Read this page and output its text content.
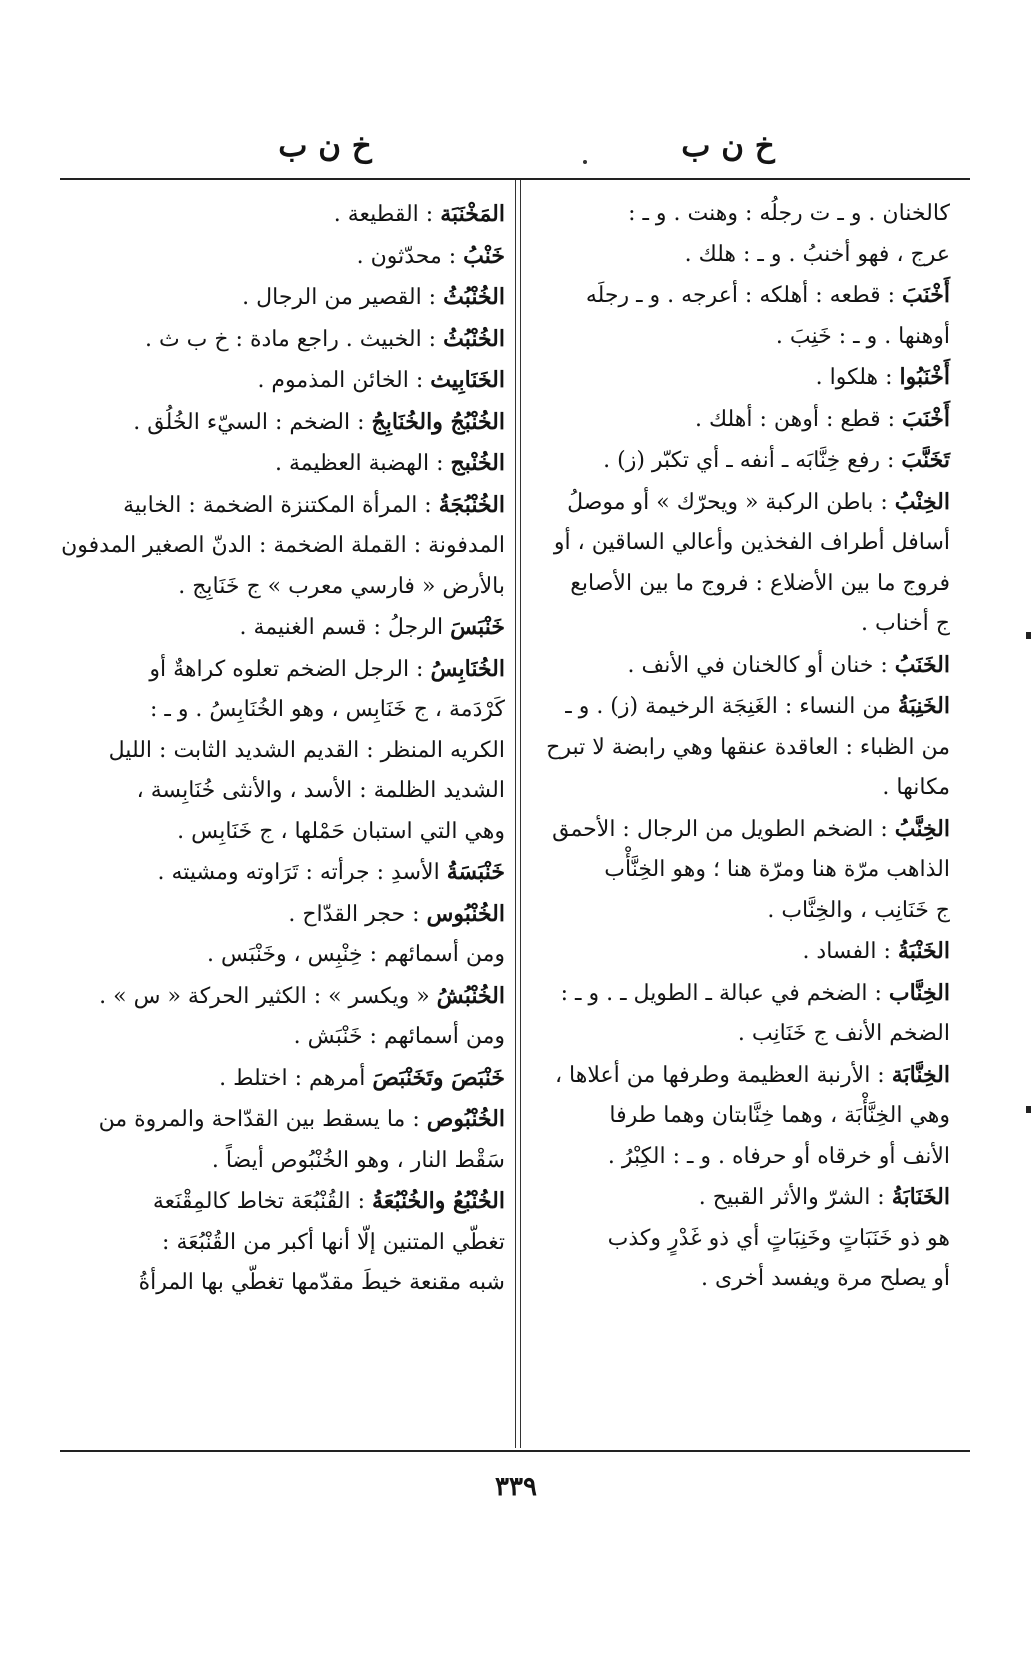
خ ن ب
خ ن ب
كالخنان . و ـ ت رجلُه : وهنت . و ـ :
عرج ، فهو أخنبُ . و ـ : هلك .
أَخْنَبَ : قطعه : أهلكه : أعرجه . و ـ رجلَه
أوهنها . و ـ : خَنِبَ .
أَخْنَبُوا : هلكوا .
أَخْنَبَ : قطع : أوهن : أهلك .
تَخَنَّبَ : رفع خِنَّابَه ـ أنفه ـ أي تكبّر (ز) .
الخِنْبُ : باطن الركبة « ويحرّك » أو موصلُ
أسافل أطراف الفخذين وأعالي الساقين ، أو
فروج ما بين الأضلاع : فروج ما بين الأصابع
ج أخناب .
الخَنَبُ : خنان أو كالخنان في الأنف .
الخَنِبَةُ من النساء : الغَنِجَة الرخيمة (ز) . و ـ
من الظباء : العاقدة عنقها وهي رابضة لا تبرح
مكانها .
الخِنَّبُ : الضخم الطويل من الرجال : الأحمق
الذاهب مرّة هنا ومرّة هنا ؛ وهو الخِنَّأْب
ج خَنَانِب ، والخِنَّاب .
الخَنْبَةُ : الفساد .
الخِنَّاب : الضخم في عبالة ـ الطويل ـ . و ـ :
الضخم الأنف ج خَنَانِب .
الخِنَّابَة : الأرنبة العظيمة وطرفها من أعلاها ،
وهي الخِنَّأْبَة ، وهما خِنَّابتان وهما طرفا
الأنف أو خرقاه أو حرفاه . و ـ : الكِبْرُ .
الخَنَابَةُ : الشرّ والأثر القبيح .
هو ذو خَنَبَاتٍ وخَنِبَاتٍ أي ذو غَدْرٍ وكذب
أو يصلح مرة ويفسد أخرى .
المَخْنَبَة : القطيعة .
خَنْبُ : محدّثون .
الخُنْبُثُ : القصير من الرجال .
الخُنْبُثُ : الخبيث . راجع مادة : خ ب ث .
الخَنَابِيث : الخائن المذموم .
الخُنْبُجُ والخُنَابِجُ : الضخم : السيّء الخُلُق .
الخُنْبج : الهضبة العظيمة .
الخُنْبُجَةُ : المرأة المكتنزة الضخمة : الخابية
المدفونة : القملة الضخمة : الدنّ الصغير المدفون
بالأرض « فارسي معرب » ج خَنَابِج .
خَنْبَسَ الرجلُ : قسم الغنيمة .
الخُنَابِسُ : الرجل الضخم تعلوه كراهةٌ أو
كَرْدَمة ، ج خَنَابِس ، وهو الخُنَابِسُ . و ـ :
الكريه المنظر : القديم الشديد الثابت : الليل
الشديد الظلمة : الأسد ، والأنثى خُنَابِسة ،
وهي التي استبان حَمْلها ، ج خَنَابِس .
خَنْبَسَةُ الأسدِ : جرأته : تَرَاوته ومشيته .
الخُنْبُوس : حجر القدّاح .
ومن أسمائهم : خِنْبِس ، وخَنْبَس .
الخُنْبُشُ « ويكسر » : الكثير الحركة « س » .
ومن أسمائهم : خَنْبَش .
خَنْبَصَ وتَخَنْبَصَ أمرهم : اختلط .
الخُنْبُوص : ما يسقط بين القدّاحة والمروة من
سَقْط النار ، وهو الخُنْبُوص أيضاً .
الخُنْبُعُ والخُنْبُعَةُ : القُنْبُعَة تخاط كالمِقْنَعة
تغطّي المتنين إلّا أنها أكبر من القُنْبُعَة :
شبه مقنعة خيطَ مقدّمها تغطّي بها المرأةُ
٣٣٩
